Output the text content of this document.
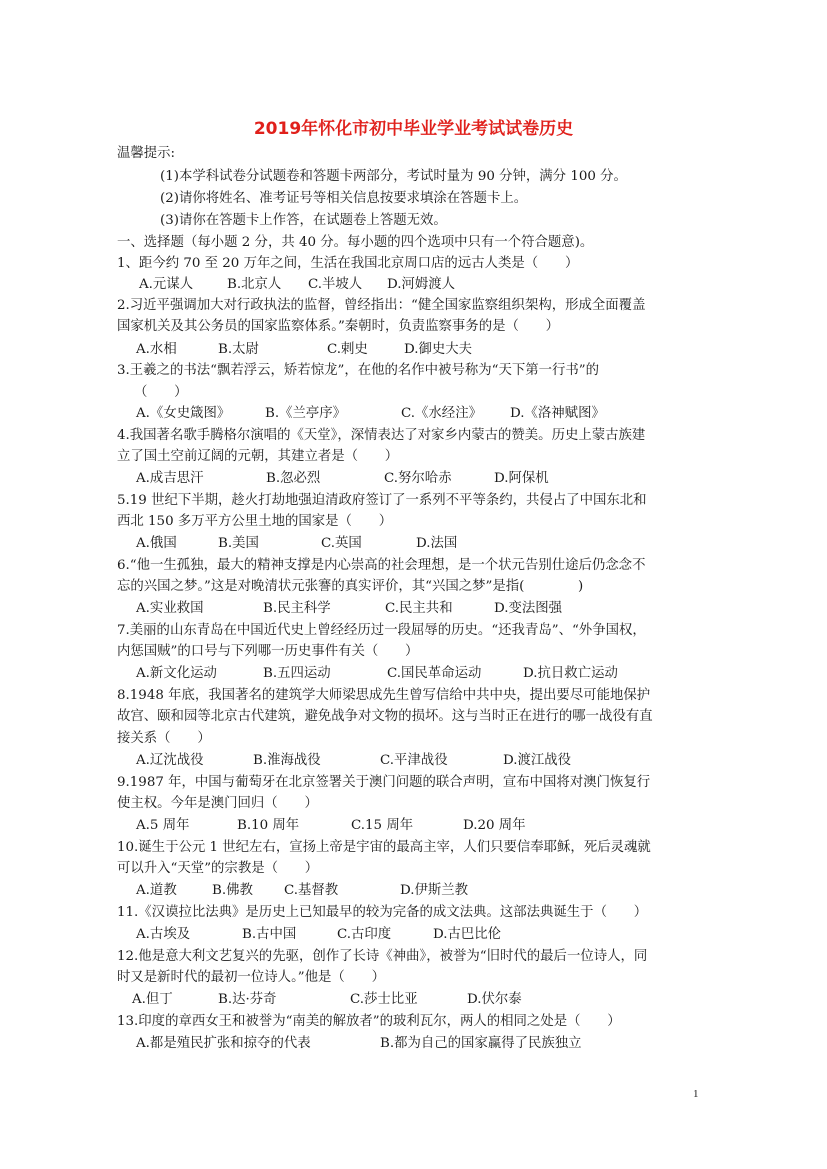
2019年怀化市初中毕业学业考试试卷历史
温馨提示:
(1)本学科试卷分试题卷和答题卡两部分，考试时量为 90 分钟，满分 100 分。
(2)请你将姓名、准考证号等相关信息按要求填涂在答题卡上。
(3)请你在答题卡上作答，在试题卷上答题无效。
一、选择题（每小题 2 分，共 40 分。每小题的四个选项中只有一个符合题意)。
1、距今约 70 至 20 万年之间，生活在我国北京周口店的远古人类是（　　）
A.元谋人	B.北京人 C.半坡人 D.河姆渡人
2.习近平强调加大对行政执法的监督，曾经指出：“健全国家监察组织架构，形成全面覆盖
国家机关及其公务员的国家监察体系。”秦朝时，负责监察事务的是（　　）
A.水相	B.太尉	C.剌史	D.御史大夫
3.王羲之的书法“飘若浮云，矫若惊龙”，在他的名作中被号称为“天下第一行书”的
（　　）
A.《女史箴图》	B.《兰亭序》	C.《水经注》 D.《洛神赋图》
4.我国著名歌手腾格尔演唱的《天堂》，深情表达了对家乡内蒙古的赞美。历史上蒙古族建
立了国土空前辽阔的元朝，其建立者是（　　）
A.成吉思汗	B.忽必烈	C.努尔哈赤	D.阿保机
5.19 世纪下半期，趁火打劫地强迫清政府签订了一系列不平等条约，共侵占了中国东北和
西北 150 多万平方公里土地的国家是（　　）
A.俄国	B.美国	C.英国	D.法国
6.“他一生孤独，最大的精神支撑是内心崇高的社会理想，是一个状元告别仕途后仍念念不
忘的兴国之梦。”这是对晚清状元张謇的真实评价，其“兴国之梦”是指(　　　　)
A.实业救国	B.民主科学	C.民主共和	D.变法图强
7.美丽的山东青岛在中国近代史上曾经经历过一段屈辱的历史。“还我青岛”、“外争国权，
内惩国贼”的口号与下列哪一历史事件有关（　　）
A.新文化运动	B.五四运动	C.国民革命运动	D.抗日救亡运动
8.1948 年底，我国著名的建筑学大师梁思成先生曾写信给中共中央，提出要尽可能地保护
故宫、颐和园等北京古代建筑，避免战争对文物的损坏。这与当时正在进行的哪一战役有直
接关系（　　）
A.辽沈战役	B.淮海战役	C.平津战役	D.渡江战役
9.1987 年，中国与葡萄牙在北京签署关于澳门问题的联合声明，宣布中国将对澳门恢复行
使主权。今年是澳门回归（　　）
A.5 周年	B.10 周年	C.15 周年	D.20 周年
10.诞生于公元 1 世纪左右，宣扬上帝是宇宙的最高主宰，人们只要信奉耶稣，死后灵魂就
可以升入“天堂”的宗教是（　　）
A.道教	B.佛教 C.基督教	D.伊斯兰教
11.《汉谟拉比法典》是历史上已知最早的较为完备的成文法典。这部法典诞生于（　　）
A.古埃及	B.古中国	C.古印度	D.古巴比伦
12.他是意大利文艺复兴的先驱，创作了长诗《神曲》，被誉为“旧时代的最后一位诗人，同
时又是新时代的最初一位诗人。”他是（　　）
A.但丁	B.达·芬奇	C.莎士比亚	D.伏尔泰
13.印度的章西女王和被誉为“南美的解放者”的玻利瓦尔，两人的相同之处是（　　）
A.都是殖民扩张和掠夺的代表	B.都为自己的国家赢得了民族独立
1
